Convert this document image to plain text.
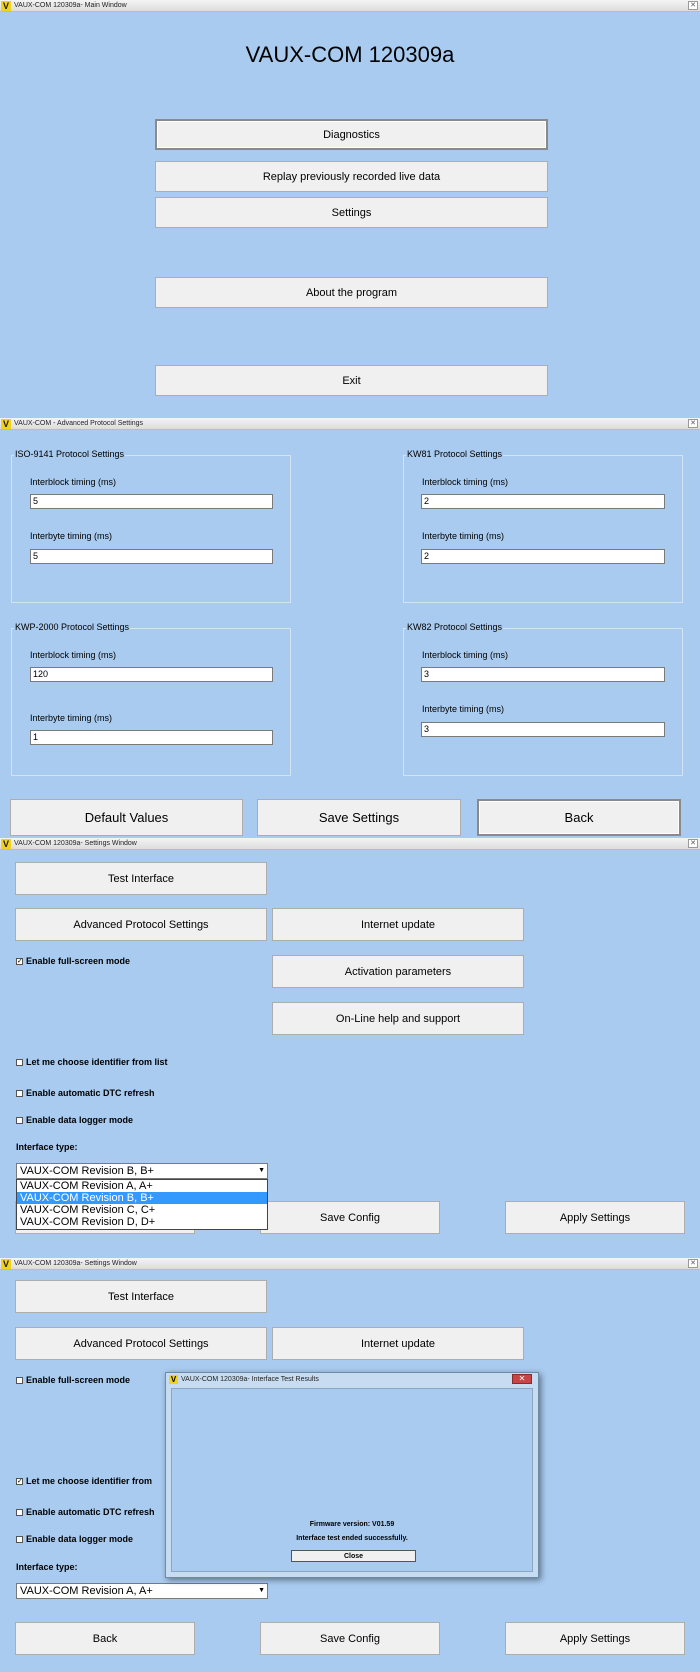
V VAUX-COM 120309a- Main Window	✕
VAUX-COM 120309a
Diagnostics
Replay previously recorded live data
Settings
About the program
Exit
V VAUX-COM - Advanced Protocol Settings	✕
ISO-9141 Protocol Settings
Interblock timing (ms)
5
Interbyte timing (ms)
5
KW81 Protocol Settings
Interblock timing (ms)
2
Interbyte timing (ms)
2
KWP-2000 Protocol Settings
Interblock timing (ms)
120
Interbyte timing (ms)
1
KW82 Protocol Settings
Interblock timing (ms)
3
Interbyte timing (ms)
3
Default Values	Save Settings	Back
V VAUX-COM 120309a- Settings Window	✕
Test Interface
Advanced Protocol Settings	Internet update
✓ Enable full-screen mode
Activation parameters
On-Line help and support
Let me choose identifier from list
Enable automatic DTC refresh
Enable data logger mode
Interface type:
Save Config	Apply Settings
VAUX-COM Revision B, B+	▼
VAUX-COM Revision A, A+
VAUX-COM Revision B, B+
VAUX-COM Revision C, C+
VAUX-COM Revision D, D+
V VAUX-COM 120309a- Settings Window	✕
Test Interface
Advanced Protocol Settings	Internet update
Enable full-screen mode
✓ Let me choose identifier from
Enable automatic DTC refresh
Enable data logger mode
Interface type:
VAUX-COM Revision A, A+	▼
Back	Save Config	Apply Settings
V VAUX-COM 120309a- Interface Test Results	✕
Firmware version: V01.59
Interface test ended successfully.
Close
